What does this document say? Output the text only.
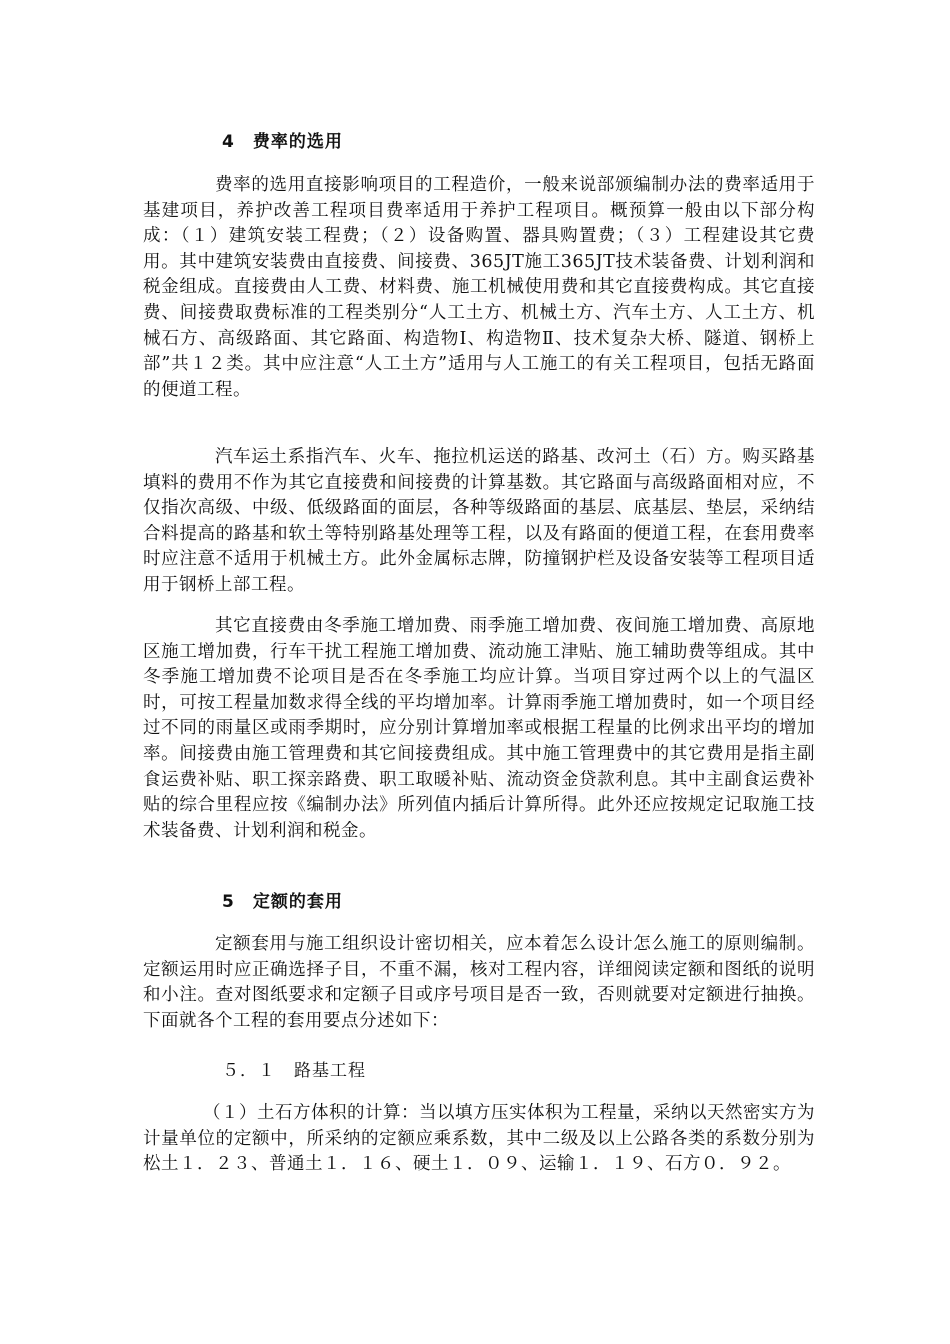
4　费率的选用

费率的选用直接影响项目的工程造价，一般来说部颁编制办法的费率适用于基建项目，养护改善工程项目费率适用于养护工程项目。概预算一般由以下部分构成：（１）建筑安装工程费；（２）设备购置、器具购置费；（３）工程建设其它费用。其中建筑安装费由直接费、间接费、365JT施工365JT技术装备费、计划利润和税金组成。直接费由人工费、材料费、施工机械使用费和其它直接费构成。其它直接费、间接费取费标准的工程类别分“人工土方、机械土方、汽车土方、人工土方、机械石方、高级路面、其它路面、构造物Ⅰ、构造物Ⅱ、技术复杂大桥、隧道、钢桥上部”共１２类。其中应注意“人工土方”适用与人工施工的有关工程项目，包括无路面的便道工程。

汽车运土系指汽车、火车、拖拉机运送的路基、改河土（石）方。购买路基填料的费用不作为其它直接费和间接费的计算基数。其它路面与高级路面相对应，不仅指次高级、中级、低级路面的面层，各种等级路面的基层、底基层、垫层，采纳结合料提高的路基和软土等特别路基处理等工程，以及有路面的便道工程，在套用费率时应注意不适用于机械土方。此外金属标志牌，防撞钢护栏及设备安装等工程项目适用于钢桥上部工程。

其它直接费由冬季施工增加费、雨季施工增加费、夜间施工增加费、高原地区施工增加费，行车干扰工程施工增加费、流动施工津贴、施工辅助费等组成。其中冬季施工增加费不论项目是否在冬季施工均应计算。当项目穿过两个以上的气温区时，可按工程量加数求得全线的平均增加率。计算雨季施工增加费时，如一个项目经过不同的雨量区或雨季期时，应分别计算增加率或根据工程量的比例求出平均的增加率。间接费由施工管理费和其它间接费组成。其中施工管理费中的其它费用是指主副食运费补贴、职工探亲路费、职工取暖补贴、流动资金贷款利息。其中主副食运费补贴的综合里程应按《编制办法》所列值内插后计算所得。此外还应按规定记取施工技术装备费、计划利润和税金。

5　定额的套用

定额套用与施工组织设计密切相关，应本着怎么设计怎么施工的原则编制。定额运用时应正确选择子目，不重不漏，核对工程内容，详细阅读定额和图纸的说明和小注。查对图纸要求和定额子目或序号项目是否一致，否则就要对定额进行抽换。下面就各个工程的套用要点分述如下：

５．１　路基工程

（１）土石方体积的计算：当以填方压实体积为工程量，采纳以天然密实方为计量单位的定额中，所采纳的定额应乘系数，其中二级及以上公路各类的系数分别为松土１．２３、普通土１．１６、硬土１．０９、运输１．１９、石方０．９２。
